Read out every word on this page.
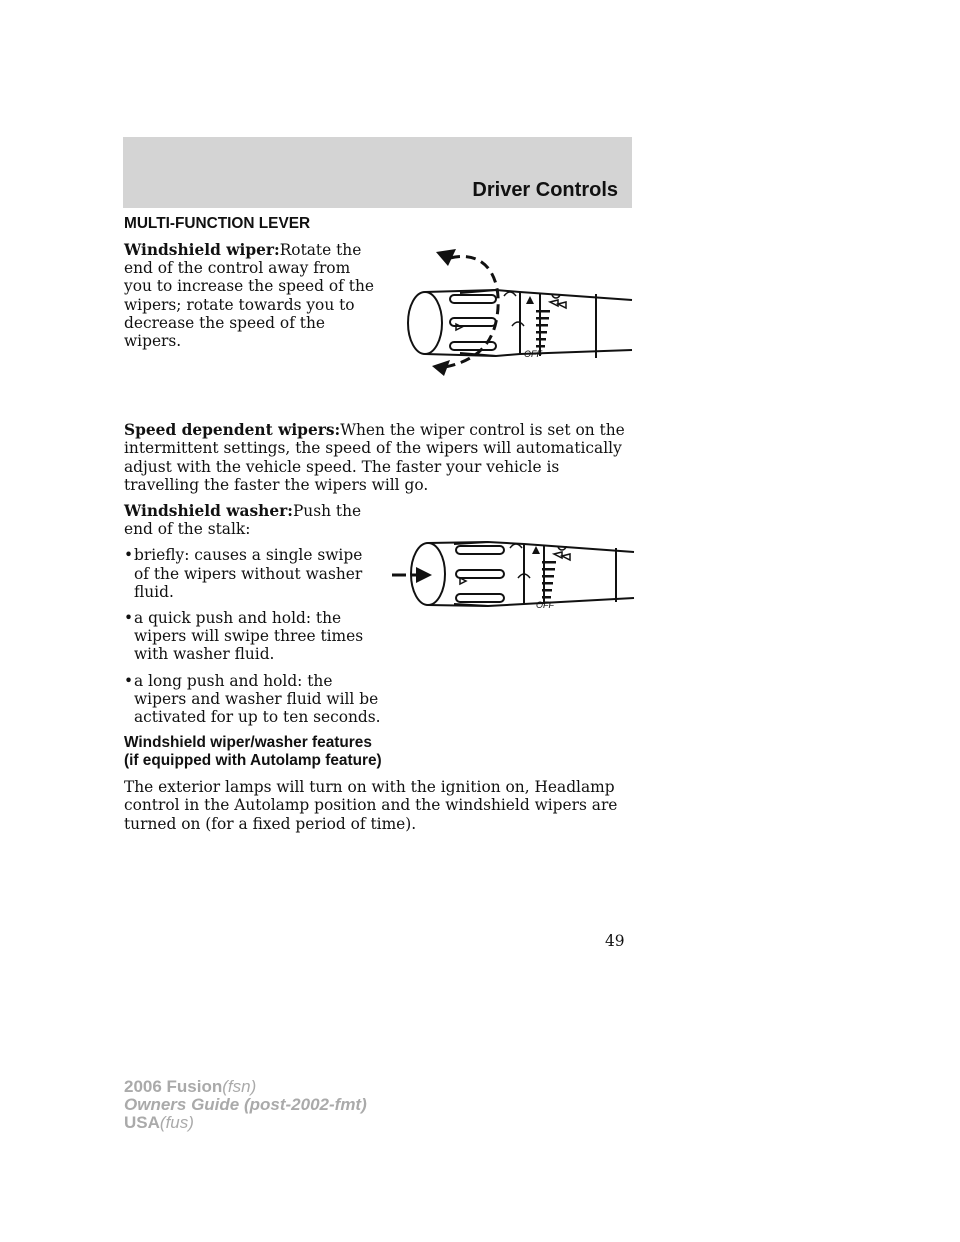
Driver Controls
MULTI-FUNCTION LEVER

Windshield wiper:Rotate the end of the control away from you to increase the speed of the wipers; rotate towards you to decrease the speed of the wipers.

Speed dependent wipers:When the wiper control is set on the intermittent settings, the speed of the wipers will automatically adjust with the vehicle speed. The faster your vehicle is travelling the faster the wipers will go.

Windshield washer:Push the end of the stalk:

• briefly: causes a single swipe of the wipers without washer fluid.
• a quick push and hold: the wipers will swipe three times with washer fluid.
• a long push and hold: the wipers and washer fluid will be activated for up to ten seconds.
Windshield wiper/washer features
(if equipped with Autolamp feature)

The exterior lamps will turn on with the ignition on, Headlamp control in the Autolamp position and the windshield wipers are turned on (for a fixed period of time).

OFF
OFF
49
2006 Fusion(fsn)
Owners Guide (post-2002-fmt)
USA(fus)
